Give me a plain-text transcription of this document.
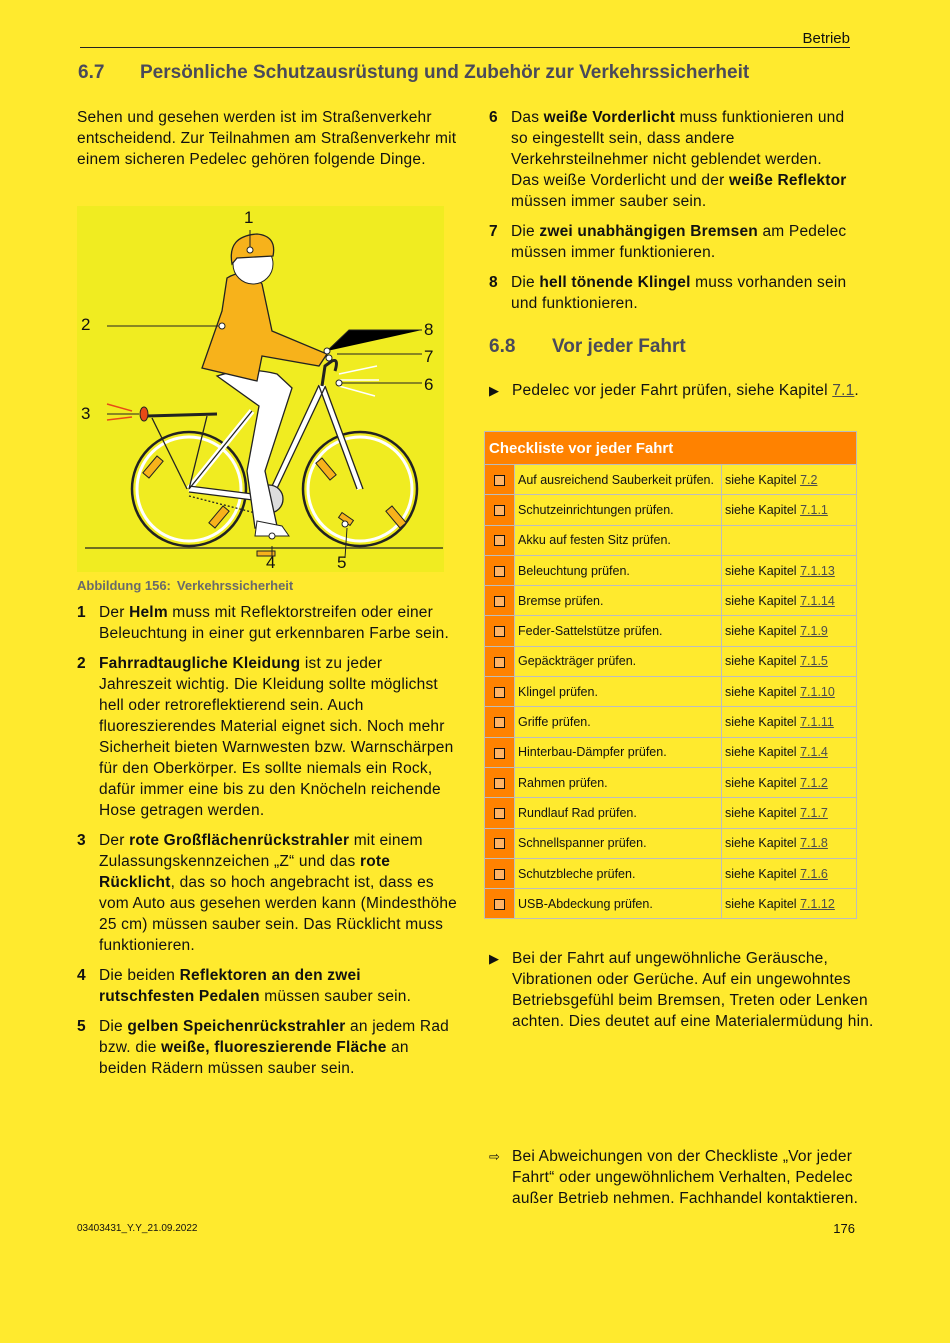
Betrieb
6.7 Persönliche Schutzausrüstung und Zubehör zur Verkehrssicherheit
Sehen und gesehen werden ist im Straßenverkehr entscheidend. Zur Teilnahmen am Straßenverkehr mit einem sicheren Pedelec gehören folgende Dinge.
1
2
3
4	5
6
7
8
Abbildung 156: Verkehrssicherheit
1 Der Helm muss mit Reflektorstreifen oder einer Beleuchtung in einer gut erkennbaren Farbe sein.
2 Fahrradtaugliche Kleidung ist zu jeder Jahreszeit wichtig. Die Kleidung sollte möglichst hell oder retroreflektierend sein. Auch fluoreszierendes Material eignet sich. Noch mehr Sicherheit bieten Warnwesten bzw. Warnschärpen für den Oberkörper. Es sollte niemals ein Rock, dafür immer eine bis zu den Knöcheln reichende Hose getragen werden.
3 Der rote Großflächenrückstrahler mit einem Zulassungskennzeichen „Z“ und das rote Rücklicht, das so hoch angebracht ist, dass es vom Auto aus gesehen werden kann (Mindesthöhe 25 cm) müssen sauber sein. Das Rücklicht muss funktionieren.
4 Die beiden Reflektoren an den zwei rutschfesten Pedalen müssen sauber sein.
5 Die gelben Speichenrückstrahler an jedem Rad bzw. die weiße, fluoreszierende Fläche an beiden Rädern müssen sauber sein.
6 Das weiße Vorderlicht muss funktionieren und so eingestellt sein, dass andere Verkehrsteilnehmer nicht geblendet werden. Das weiße Vorderlicht und der weiße Reflektor müssen immer sauber sein.
7 Die zwei unabhängigen Bremsen am Pedelec müssen immer funktionieren.
8 Die hell tönende Klingel muss vorhanden sein und funktionieren.
6.8 Vor jeder Fahrt
▶ Pedelec vor jeder Fahrt prüfen, siehe Kapitel 7.1.
Checkliste vor jeder Fahrt		
	Auf ausreichend Sauberkeit prüfen.	siehe Kapitel 7.2
	Schutzeinrichtungen prüfen.	siehe Kapitel 7.1.1
	Akku auf festen Sitz prüfen.	
	Beleuchtung prüfen.	siehe Kapitel 7.1.13
	Bremse prüfen.	siehe Kapitel 7.1.14
	Feder-Sattelstütze prüfen.	siehe Kapitel 7.1.9
	Gepäckträger prüfen.	siehe Kapitel 7.1.5
	Klingel prüfen.	siehe Kapitel 7.1.10
	Griffe prüfen.	siehe Kapitel 7.1.11
	Hinterbau-Dämpfer prüfen.	siehe Kapitel 7.1.4
	Rahmen prüfen.	siehe Kapitel 7.1.2
	Rundlauf Rad prüfen.	siehe Kapitel 7.1.7
	Schnellspanner prüfen.	siehe Kapitel 7.1.8
	Schutzbleche prüfen.	siehe Kapitel 7.1.6
	USB-Abdeckung prüfen.	siehe Kapitel 7.1.12
▶ Bei der Fahrt auf ungewöhnliche Geräusche, Vibrationen oder Gerüche. Auf ein ungewohntes Betriebsgefühl beim Bremsen, Treten oder Lenken achten. Dies deutet auf eine Materialermüdung hin.
⇨ Bei Abweichungen von der Checkliste „Vor jeder Fahrt“ oder ungewöhnlichem Verhalten, Pedelec außer Betrieb nehmen. Fachhandel kontaktieren.
03403431_Y.Y_21.09.2022	176
